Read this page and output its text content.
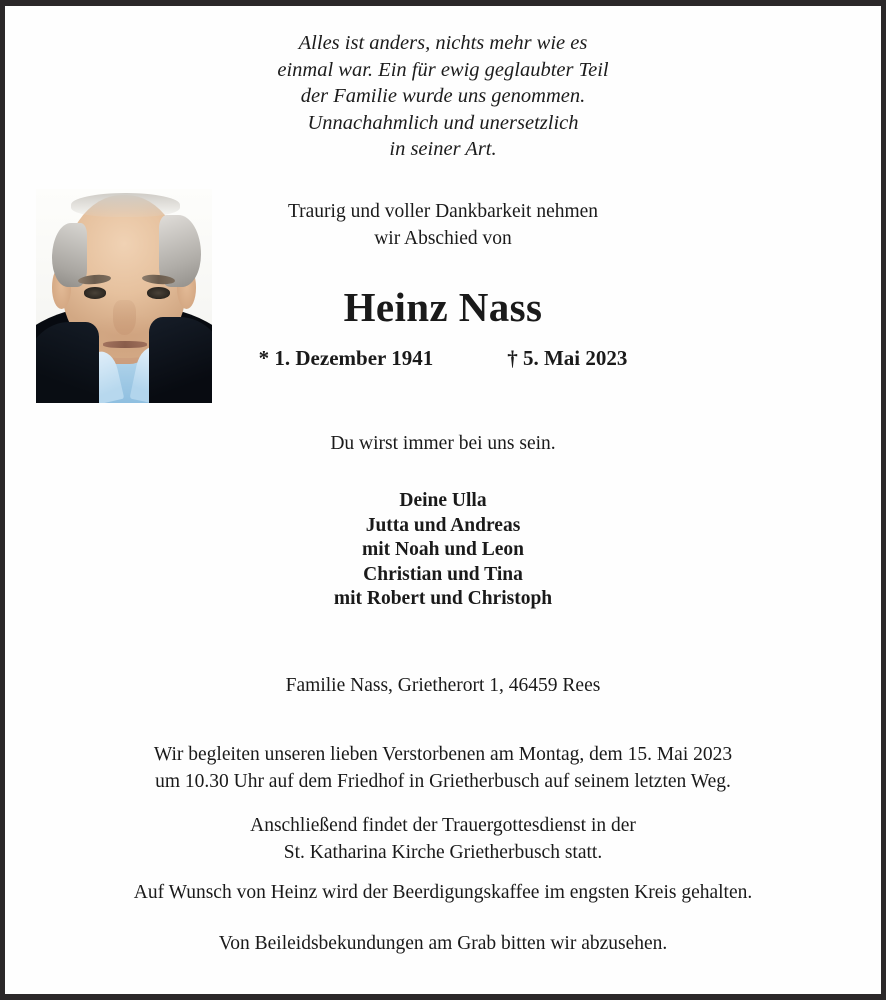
Alles ist anders, nichts mehr wie es
einmal war. Ein für ewig geglaubter Teil
der Familie wurde uns genommen.
Unnachahmlich und unersetzlich
in seiner Art.
Traurig und voller Dankbarkeit nehmen
wir Abschied von
Heinz Nass
* 1. Dezember 1941	† 5. Mai 2023
Du wirst immer bei uns sein.
Deine Ulla
Jutta und Andreas
mit Noah und Leon
Christian und Tina
mit Robert und Christoph
Familie Nass, Grietherort 1, 46459 Rees
Wir begleiten unseren lieben Verstorbenen am Montag, dem 15. Mai 2023
um 10.30 Uhr auf dem Friedhof in Grietherbusch auf seinem letzten Weg.
Anschließend findet der Trauergottesdienst in der
St. Katharina Kirche Grietherbusch statt.
Auf Wunsch von Heinz wird der Beerdigungskaffee im engsten Kreis gehalten.
Von Beileidsbekundungen am Grab bitten wir abzusehen.
